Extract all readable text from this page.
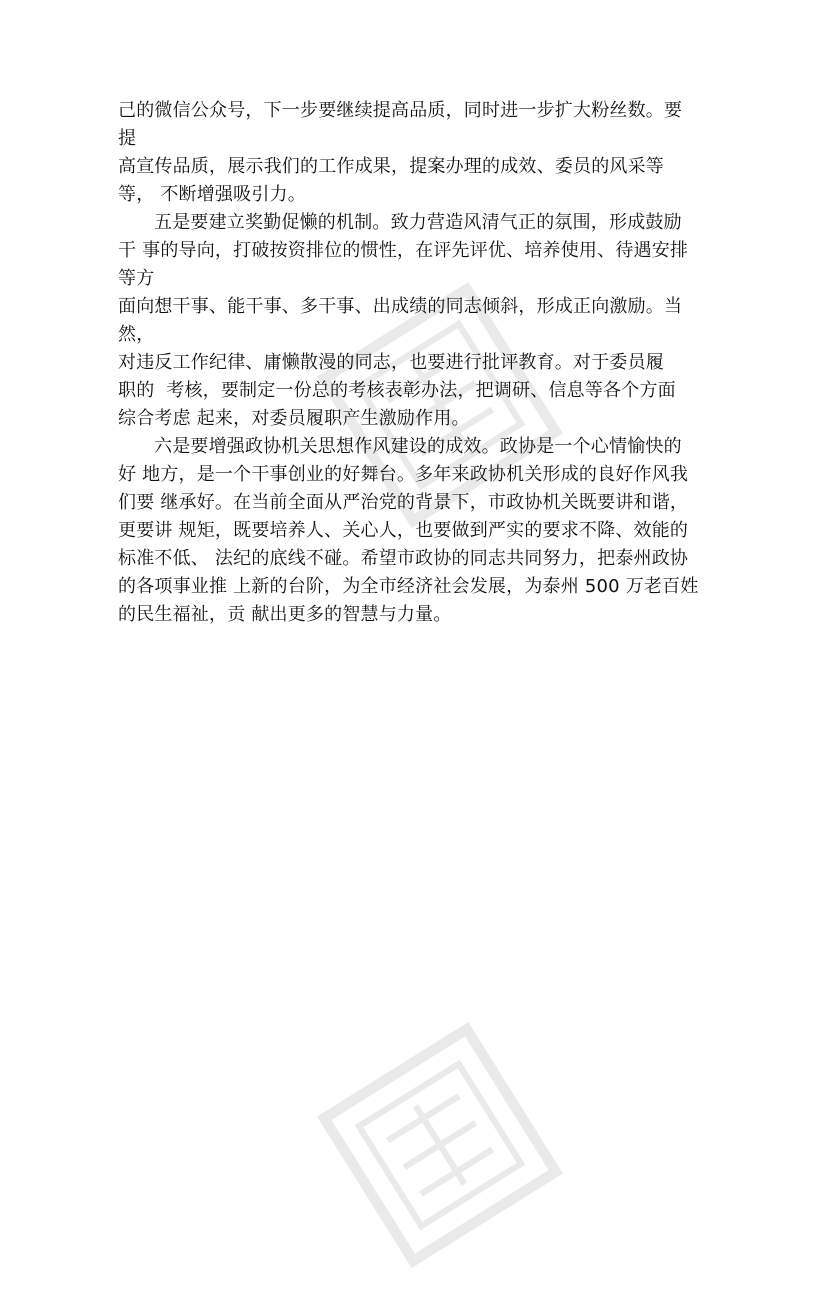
己的微信公众号，下一步要继续提高品质，同时进一步扩大粉丝数。要
提
高宣传品质，展示我们的工作成果，提案办理的成效、委员的风采等
等， 不断增强吸引力。
五是要建立奖勤促懒的机制。致力营造风清气正的氛围，形成鼓励
干 事的导向，打破按资排位的惯性，在评先评优、培养使用、待遇安排
等方
面向想干事、能干事、多干事、出成绩的同志倾斜，形成正向激励。当
然，
对违反工作纪律、庸懒散漫的同志，也要进行批评教育。对于委员履
职的  考核，要制定一份总的考核表彰办法，把调研、信息等各个方面
综合考虑 起来，对委员履职产生激励作用。
六是要增强政协机关思想作风建设的成效。政协是一个心情愉快的
好 地方，是一个干事创业的好舞台。多年来政协机关形成的良好作风我
们要 继承好。在当前全面从严治党的背景下，市政协机关既要讲和谐，
更要讲 规矩，既要培养人、关心人，也要做到严实的要求不降、效能的
标准不低、 法纪的底线不碰。希望市政协的同志共同努力，把泰州政协
的各项事业推 上新的台阶，为全市经济社会发展，为泰州 500 万老百姓
的民生福祉，贡 献出更多的智慧与力量。
